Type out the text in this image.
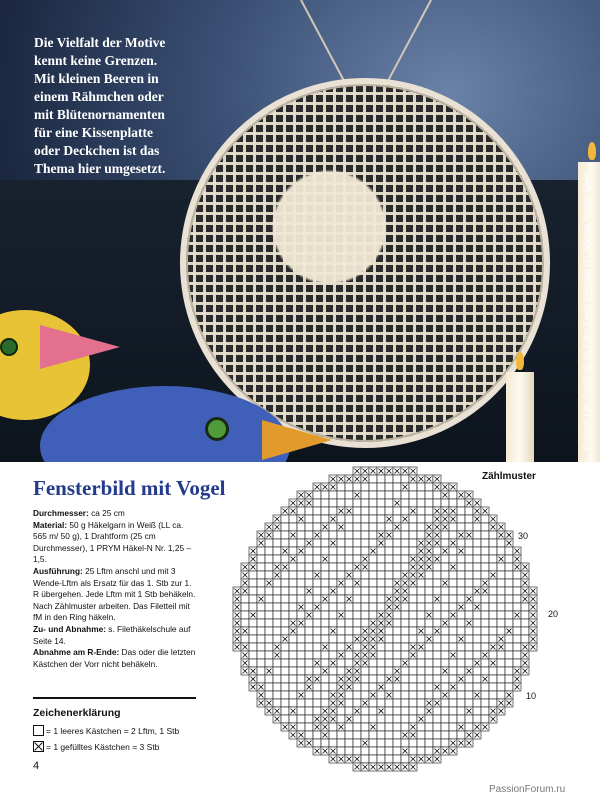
Die Vielfalt der Motive
kennt keine Grenzen.
Mit kleinen Beeren in
einem Rähmchen oder
mit Blütenornamenten
für eine Kissenplatte
oder Deckchen ist das
Thema hier umgesetzt.

Entwurf: Chr. Schöll (S. 4), Foto: Erwin Weiniger (1), Styling: Kirsten Galle

Fensterbild mit Vogel

Durchmesser: ca 25 cm

Material: 50 g Häkelgarn in Weiß (LL ca. 565 m/ 50 g), 1 Drahtform (25 cm Durchmesser), 1 PRYM Häkel-N Nr. 1,25 – 1,5.

Ausführung: 25 Lftm anschl und mit 3 Wende-Lftm als Ersatz für das 1. Stb zur 1. R übergehen. Jede Lftm mit 1 Stb behäkeln. Nach Zählmuster arbeiten. Das Filetteil mit fM in den Ring häkeln.

Zu- und Abnahme: s. Filethäkelschule auf Seite 14.

Abnahme am R-Ende: Das oder die letzten Kästchen der Vorr nicht behäkeln.

Zeichenerklärung

= 1 leeres Kästchen = 2 Lftm, 1 Stb
= 1 gefülltes Kästchen = 3 Stb

4

Zählmuster

30

20

10

PassionForum.ru
